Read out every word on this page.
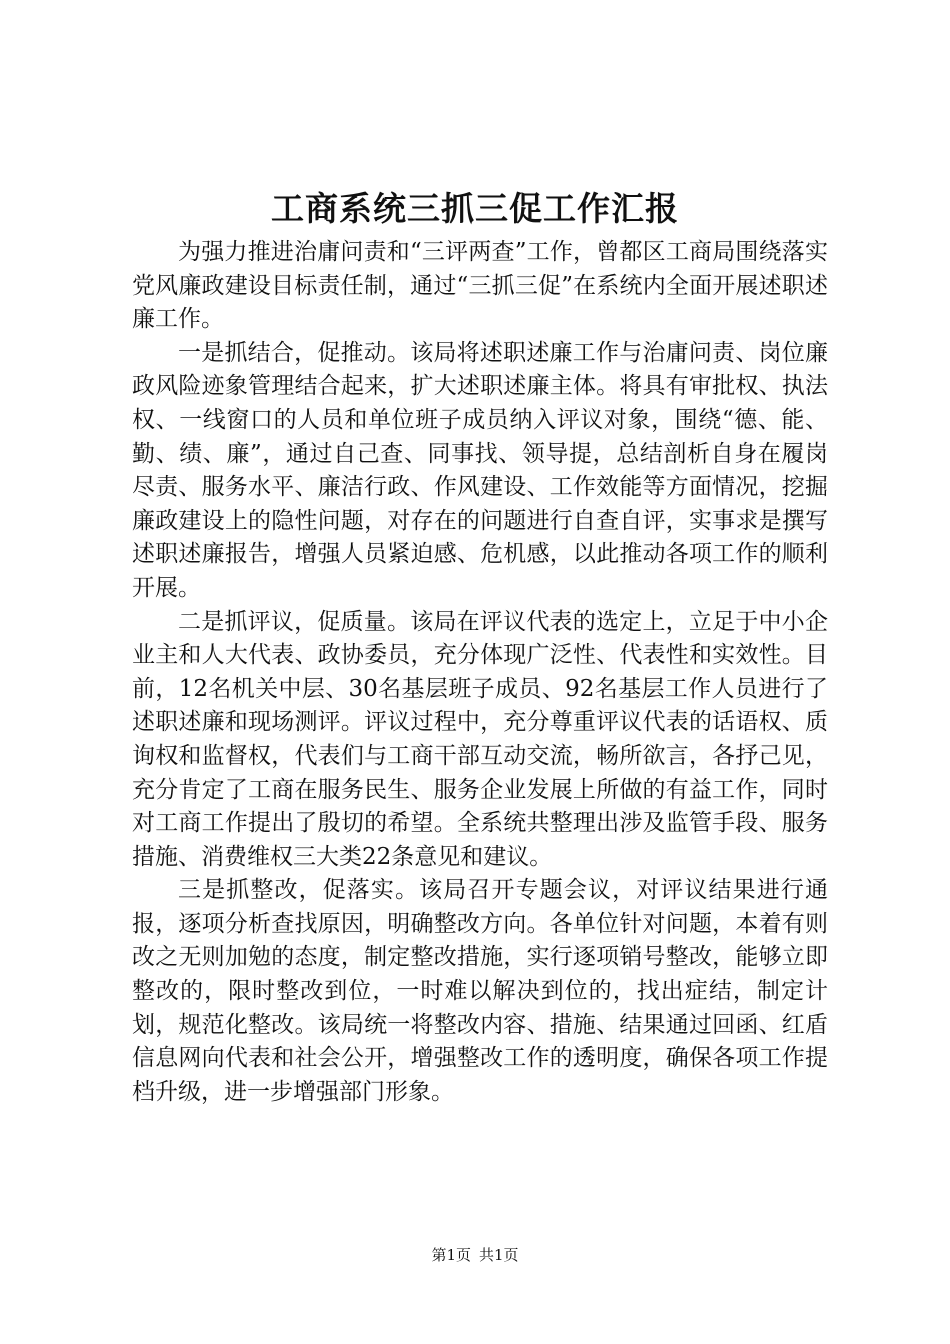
工商系统三抓三促工作汇报

为强力推进治庸问责和“三评两查”工作，曾都区工商局围绕落实党风廉政建设目标责任制，通过“三抓三促”在系统内全面开展述职述廉工作。

一是抓结合，促推动。该局将述职述廉工作与治庸问责、岗位廉政风险迹象管理结合起来，扩大述职述廉主体。将具有审批权、执法权、一线窗口的人员和单位班子成员纳入评议对象，围绕“德、能、勤、绩、廉”，通过自己查、同事找、领导提，总结剖析自身在履岗尽责、服务水平、廉洁行政、作风建设、工作效能等方面情况，挖掘廉政建设上的隐性问题，对存在的问题进行自查自评，实事求是撰写述职述廉报告，增强人员紧迫感、危机感，以此推动各项工作的顺利开展。

二是抓评议，促质量。该局在评议代表的选定上，立足于中小企业主和人大代表、政协委员，充分体现广泛性、代表性和实效性。目前，12名机关中层、30名基层班子成员、92名基层工作人员进行了述职述廉和现场测评。评议过程中，充分尊重评议代表的话语权、质询权和监督权，代表们与工商干部互动交流，畅所欲言，各抒己见，充分肯定了工商在服务民生、服务企业发展上所做的有益工作，同时对工商工作提出了殷切的希望。全系统共整理出涉及监管手段、服务措施、消费维权三大类22条意见和建议。

三是抓整改，促落实。该局召开专题会议，对评议结果进行通报，逐项分析查找原因，明确整改方向。各单位针对问题，本着有则改之无则加勉的态度，制定整改措施，实行逐项销号整改，能够立即整改的，限时整改到位，一时难以解决到位的，找出症结，制定计划，规范化整改。该局统一将整改内容、措施、结果通过回函、红盾信息网向代表和社会公开，增强整改工作的透明度，确保各项工作提档升级，进一步增强部门形象。

第1页 共1页
